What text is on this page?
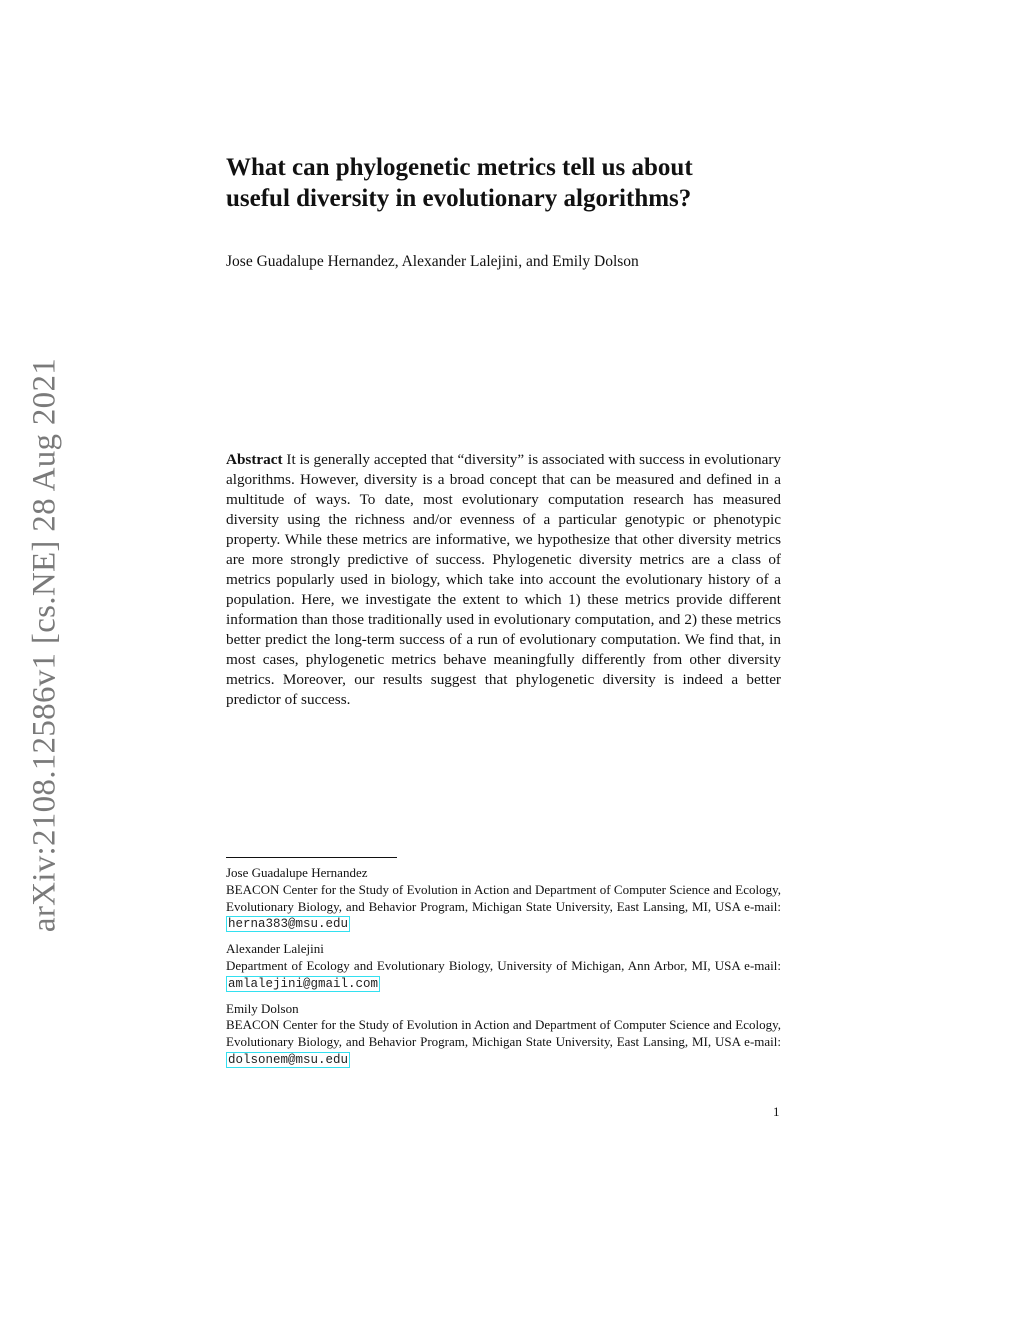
arXiv:2108.12586v1 [cs.NE] 28 Aug 2021
What can phylogenetic metrics tell us about
useful diversity in evolutionary algorithms?
Jose Guadalupe Hernandez, Alexander Lalejini, and Emily Dolson
Abstract It is generally accepted that “diversity” is associated with success in evolutionary algorithms. However, diversity is a broad concept that can be measured and defined in a multitude of ways. To date, most evolutionary computation research has measured diversity using the richness and/or evenness of a particular genotypic or phenotypic property. While these metrics are informative, we hypothesize that other diversity metrics are more strongly predictive of success. Phylogenetic diversity metrics are a class of metrics popularly used in biology, which take into account the evolutionary history of a population. Here, we investigate the extent to which 1) these metrics provide different information than those traditionally used in evolutionary computation, and 2) these metrics better predict the long-term success of a run of evolutionary computation. We find that, in most cases, phylogenetic metrics behave meaningfully differently from other diversity metrics. Moreover, our results suggest that phylogenetic diversity is indeed a better predictor of success.
Jose Guadalupe Hernandez
BEACON Center for the Study of Evolution in Action and Department of Computer Science and Ecology, Evolutionary Biology, and Behavior Program, Michigan State University, East Lansing, MI, USA e-mail: herna383@msu.edu
Alexander Lalejini
Department of Ecology and Evolutionary Biology, University of Michigan, Ann Arbor, MI, USA e-mail: amlalejini@gmail.com
Emily Dolson
BEACON Center for the Study of Evolution in Action and Department of Computer Science and Ecology, Evolutionary Biology, and Behavior Program, Michigan State University, East Lansing, MI, USA e-mail: dolsonem@msu.edu
1
